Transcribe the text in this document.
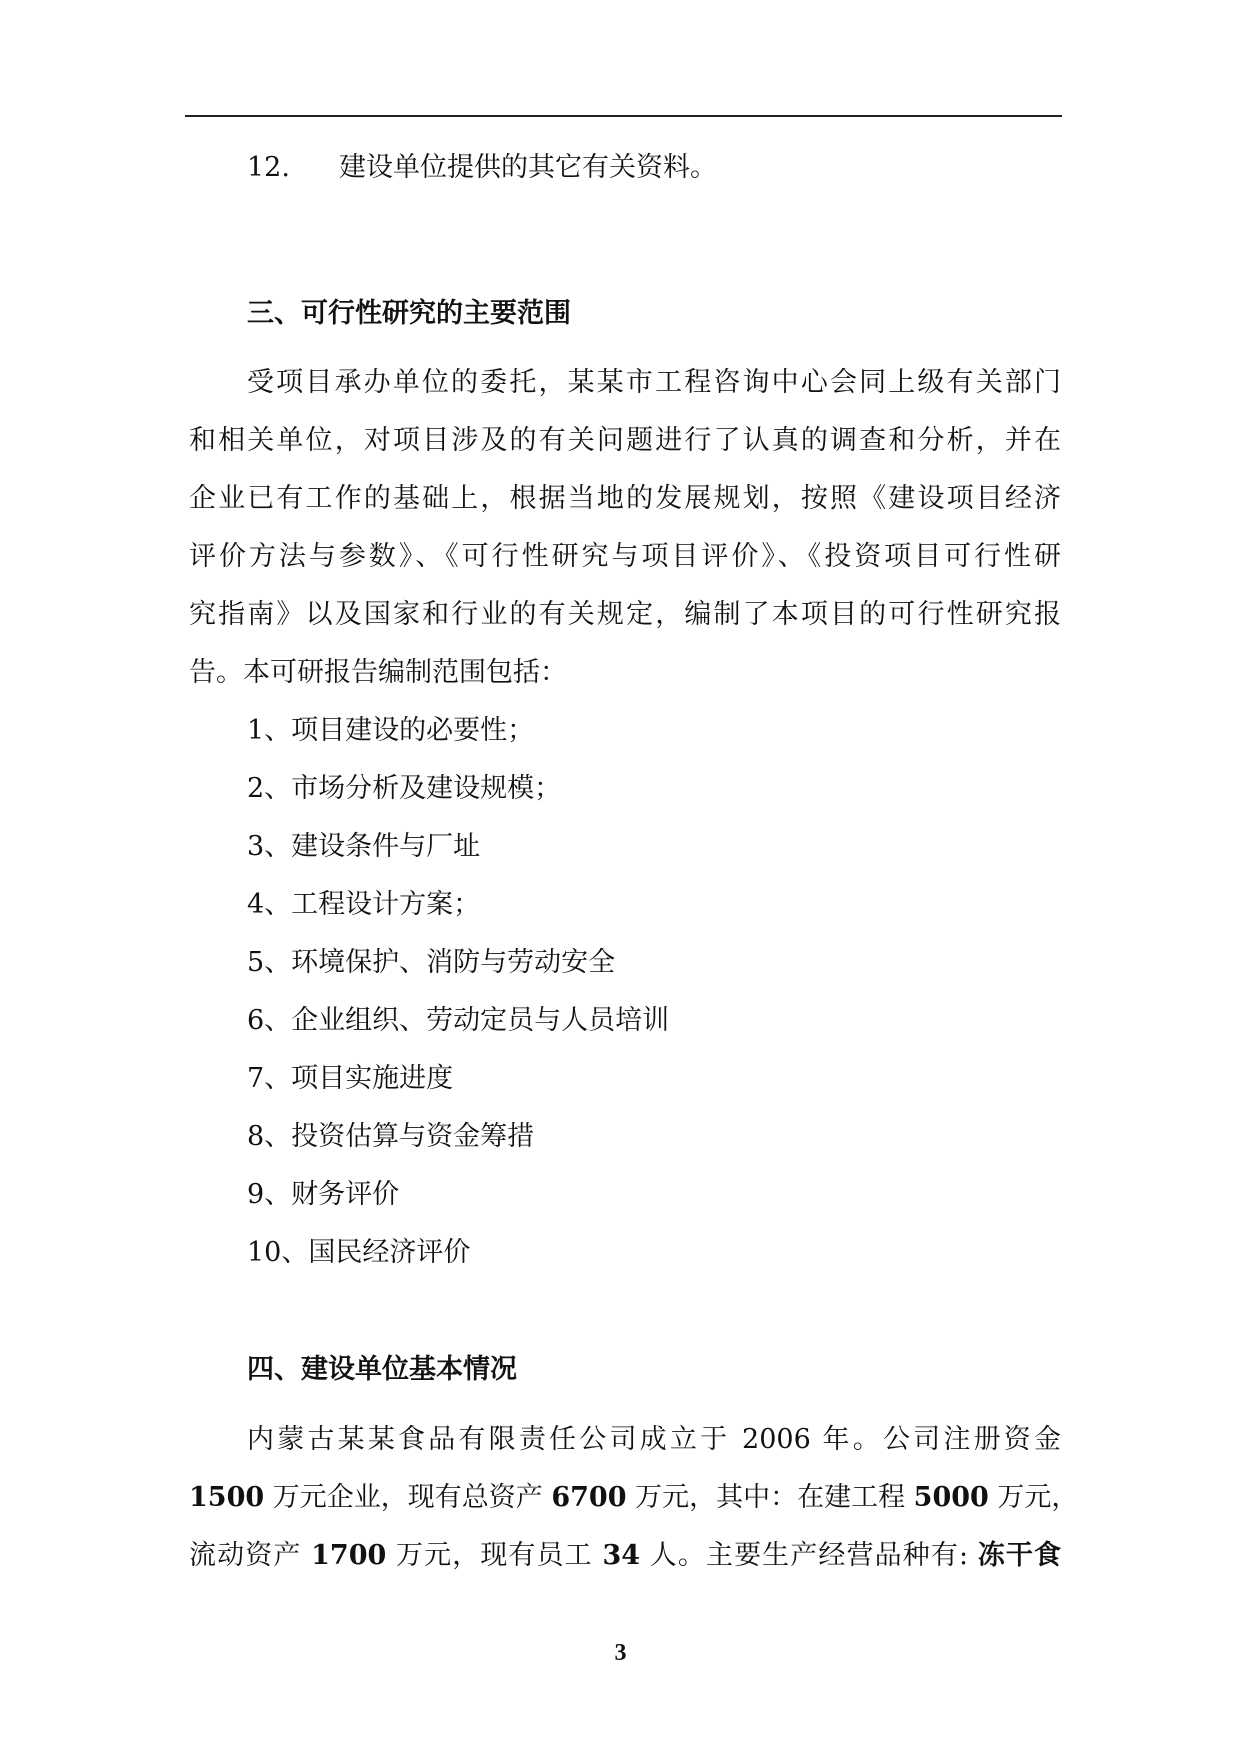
12. 建设单位提供的其它有关资料。
三、可行性研究的主要范围
受项目承办单位的委托，某某市工程咨询中心会同上级有关部门
和相关单位，对项目涉及的有关问题进行了认真的调查和分析，并在
企业已有工作的基础上，根据当地的发展规划，按照《建设项目经济
评价方法与参数》、《可行性研究与项目评价》、《投资项目可行性研
究指南》以及国家和行业的有关规定，编制了本项目的可行性研究报
告。本可研报告编制范围包括：
1、项目建设的必要性；
2、市场分析及建设规模；
3、建设条件与厂址
4、工程设计方案；
5、环境保护、消防与劳动安全
6、企业组织、劳动定员与人员培训
7、项目实施进度
8、投资估算与资金筹措
9、财务评价
10、国民经济评价
四、建设单位基本情况
内蒙古某某食品有限责任公司成立于 2006 年。公司注册资金
1500 万元企业，现有总资产 6700 万元，其中：在建工程 5000 万元，
流动资产 1700 万元，现有员工 34 人。主要生产经营品种有: 冻干食
3
